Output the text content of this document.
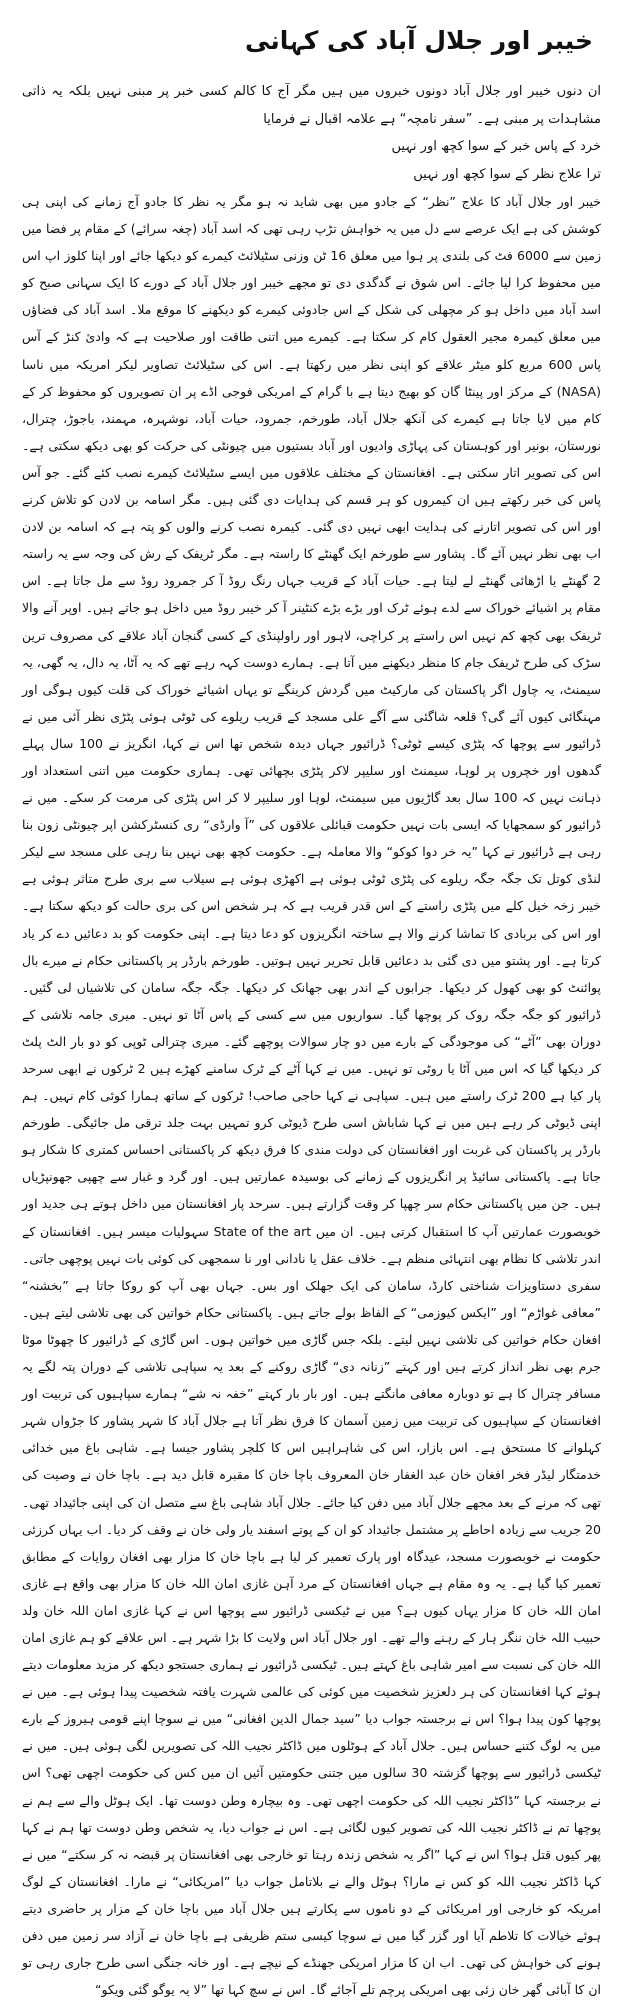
خیبر اور جلال آباد کی کہانی

ان دنوں خیبر اور جلال آباد دونوں خبروں میں ہیں مگر آج کا کالم کسی خبر پر مبنی نہیں بلکہ یہ ذاتی مشاہدات پر مبنی ہے۔ ”سفر نامچہ“ ہے علامہ اقبال نے فرمایا

خرد کے پاس خبر کے سوا کچھ اور نہیں

ترا علاج نظر کے سوا کچھ اور نہیں

خیبر اور جلال آباد کا علاج ”نظر“ کے جادو میں بھی شاید نہ ہو مگر یہ نظر کا جادو آج زمانے کی اپنی ہی کوشش کی ہے ایک عرصے سے دل میں یہ خواہش تڑپ رہی تھی کہ اسد آباد (چغہ سرائے) کے مقام پر فضا میں زمین سے 6000 فٹ کی بلندی پر ہوا میں معلق 16 ٹن وزنی سٹیلائٹ کیمرے کو دیکھا جائے اور اپنا کلوز اپ اس میں محفوظ کرا لیا جائے۔ اس شوق نے گدگدی دی تو مجھے خیبر اور جلال آباد کے دورے کا ایک سہانی صبح کو اسد آباد میں داخل ہو کر مچھلی کی شکل کے اس جادوئی کیمرے کو دیکھنے کا موقع ملا۔ اسد آباد کی فضاؤں میں معلق کیمرہ مجیر العقول کام کر سکتا ہے۔ کیمرے میں اتنی طاقت اور صلاحیت ہے کہ وادئ کنڑ کے آس پاس 600 مربع کلو میٹر علاقے کو اپنی نظر میں رکھتا ہے۔ اس کی سٹیلائٹ تصاویر لیکر امریکہ میں ناسا (NASA) کے مرکز اور پینٹا گان کو بھیج دیتا ہے با گرام کے امریکی فوجی اڈے پر ان تصویروں کو محفوظ کر کے کام میں لایا جاتا ہے کیمرے کی آنکھ جلال آباد، طورخم، جمرود، حیات آباد، نوشہرہ، مہمند، باجوڑ، چترال، نورستان، بونیر اور کوہستان کی پہاڑی وادیوں اور آباد بستیوں میں چیونٹی کی حرکت کو بھی دیکھ سکتی ہے۔ اس کی تصویر اتار سکتی ہے۔ افغانستان کے مختلف علاقوں میں ایسے سٹیلائٹ کیمرے نصب کئے گئے۔ جو آس پاس کی خبر رکھتے ہیں ان کیمروں کو ہر قسم کی ہدایات دی گئی ہیں۔ مگر اسامہ بن لادن کو تلاش کرنے اور اس کی تصویر اتارنے کی ہدایت ابھی نہیں دی گئی۔ کیمرہ نصب کرنے والوں کو پتہ ہے کہ اسامہ بن لادن اب بھی نظر نہیں آئے گا۔ پشاور سے طورخم ایک گھنٹے کا راستہ ہے۔ مگر ٹریفک کے رش کی وجہ سے یہ راستہ 2 گھنٹے یا اڑھائی گھنٹے لے لیتا ہے۔ حیات آباد کے قریب جہاں رنگ روڈ آ کر جمرود روڈ سے مل جاتا ہے۔ اس مقام پر اشیائے خوراک سے لدے ہوئے ٹرک اور بڑے بڑے کنٹینر آ کر خیبر روڈ میں داخل ہو جاتے ہیں۔ اوپر آنے والا ٹریفک بھی کچھ کم نہیں اس راستے پر کراچی، لاہور اور راولپنڈی کے کسی گنجان آباد علاقے کی مصروف ترین سڑک کی طرح ٹریفک جام کا منظر دیکھنے میں آتا ہے۔ ہمارے دوست کہہ رہے تھے کہ یہ آٹا، یہ دال، یہ گھی، یہ سیمنٹ، یہ چاول اگر پاکستان کی مارکیٹ میں گردش کرینگے تو یہاں اشیائے خوراک کی قلت کیوں ہوگی اور مہنگائی کیوں آئے گی؟ قلعہ شاگئی سے آگے علی مسجد کے قریب ریلوے کی ٹوٹی ہوئی پٹڑی نظر آئی میں نے ڈرائیور سے پوچھا کہ پٹڑی کیسے ٹوٹی؟ ڈرائیور جہاں دیدہ شخص تھا اس نے کہا، انگریز نے 100 سال پہلے گدھوں اور خچروں پر لوہا، سیمنٹ اور سلیپر لاکر پٹڑی بچھائی تھی۔ ہماری حکومت میں اتنی استعداد اور ذہانت نہیں کہ 100 سال بعد گاڑیوں میں سیمنٹ، لوہا اور سلیپر لا کر اس پٹڑی کی مرمت کر سکے۔ میں نے ڈرائیور کو سمجھایا کہ ایسی بات نہیں حکومت قبائلی علاقوں کی ”آ وارڈی“ ری کنسٹرکشن اپر چیونٹی زون بنا رہی ہے ڈرائیور نے کہا ”یہ خر دوا کوکو“ والا معاملہ ہے۔ حکومت کچھ بھی نہیں بنا رہی علی مسجد سے لیکر لنڈی کوتل تک جگہ جگہ ریلوے کی پٹڑی ٹوٹی ہوئی ہے اکھڑی ہوئی ہے سیلاب سے بری طرح متاثر ہوئی ہے خیبر زخہ خیل کلے میں پٹڑی راستے کے اس قدر قریب ہے کہ ہر شخص اس کی بری حالت کو دیکھ سکتا ہے۔ اور اس کی بربادی کا تماشا کرنے والا ہے ساختہ انگریزوں کو دعا دیتا ہے۔ اپنی حکومت کو بد دعائیں دے کر یاد کرتا ہے۔ اور پشتو میں دی گئی بد دعائیں قابل تحریر نہیں ہوتیں۔ طورخم بارڈر پر پاکستانی حکام نے میرے بال پوائنٹ کو بھی کھول کر دیکھا۔ جرابوں کے اندر بھی جھانک کر دیکھا۔ جگہ جگہ سامان کی تلاشیاں لی گئیں۔ ڈرائیور کو جگہ جگہ روک کر پوچھا گیا۔ سواریوں میں سے کسی کے پاس آٹا تو نہیں۔ میری جامہ تلاشی کے دوران بھی ”آٹے“ کی موجودگی کے بارے میں دو چار سوالات پوچھے گئے۔ میری چترالی ٹوپی کو دو بار الٹ پلٹ کر دیکھا گیا کہ اس میں آٹا یا روٹی تو نہیں۔ میں نے کہا آٹے کے ٹرک سامنے کھڑے ہیں 2 ٹرکوں نے ابھی سرحد پار کیا ہے 200 ٹرک راستے میں ہیں۔ سپاہی نے کہا حاجی صاحب! ٹرکوں کے ساتھ ہمارا کوئی کام نہیں۔ ہم اپنی ڈیوٹی کر رہے ہیں میں نے کہا شاباش اسی طرح ڈیوٹی کرو تمہیں بہت جلد ترقی مل جائیگی۔ طورخم بارڈر پر پاکستان کی غربت اور افغانستان کی دولت مندی کا فرق دیکھ کر پاکستانی احساس کمتری کا شکار ہو جاتا ہے۔ پاکستانی سائیڈ پر انگریزوں کے زمانے کی بوسیدہ عمارتیں ہیں۔ اور گرد و غبار سے چھپی جھونپڑیاں ہیں۔ جن میں پاکستانی حکام سر چھپا کر وقت گزارتے ہیں۔ سرحد پار افغانستان میں داخل ہوتے ہی جدید اور خوبصورت عمارتیں آپ کا استقبال کرتی ہیں۔ ان میں State of the art سہولیات میسر ہیں۔ افغانستان کے اندر تلاشی کا نظام بھی انتہائی منظم ہے۔ خلاف عقل یا نادانی اور نا سمجھی کی کوئی بات نہیں پوچھی جاتی۔ سفری دستاویزات شناختی کارڈ، سامان کی ایک جھلک اور بس۔ جہاں بھی آپ کو روکا جاتا ہے ”بخشنہ“ ”معافی غواڑم“ اور ”ایکس کیوزمی“ کے الفاظ بولے جاتے ہیں۔ پاکستانی حکام خواتین کی بھی تلاشی لیتے ہیں۔ افغان حکام خواتین کی تلاشی نہیں لیتے۔ بلکہ جس گاڑی میں خواتین ہوں۔ اس گاڑی کے ڈرائیور کا چھوٹا موٹا جرم بھی نظر انداز کرتے ہیں اور کہتے ”زنانہ دی“ گاڑی روکنے کے بعد یہ سپاہی تلاشی کے دوران پتہ لگے یہ مسافر چترال کا ہے تو دوبارہ معافی مانگتے ہیں۔ اور بار بار کہتے ”خفہ نہ شے“ ہمارے سپاہیوں کی تربیت اور افغانستان کے سپاہیوں کی تربیت میں زمین آسمان کا فرق نظر آتا ہے جلال آباد کا شہر پشاور کا جڑواں شہر کہلوانے کا مستحق ہے۔ اس بازار، اس کی شاہراہیں اس کا کلچر پشاور جیسا ہے۔ شاہی باغ میں خدائی خدمتگار لیڈر فخر افغان خان عبد الغفار خان المعروف باچا خان کا مقبرہ قابل دید ہے۔ باچا خان نے وصیت کی تھی کہ مرنے کے بعد مجھے جلال آباد میں دفن کیا جائے۔ جلال آباد شاہی باغ سے متصل ان کی اپنی جائیداد تھی۔ 20 جریب سے زیادہ احاطے پر مشتمل جائیداد کو ان کے پوتے اسفند یار ولی خان نے وقف کر دیا۔ اب یہاں کرزئی حکومت نے خوبصورت مسجد، عیدگاہ اور پارک تعمیر کر لیا ہے باچا خان کا مزار بھی افغان روایات کے مطابق تعمیر کیا گیا ہے۔ یہ وہ مقام ہے جہاں افغانستان کے مرد آہن غازی امان اللہ خان کا مزار بھی واقع ہے غازی امان اللہ خان کا مزار یہاں کیوں ہے؟ میں نے ٹیکسی ڈرائیور سے پوچھا اس نے کہا غازی امان اللہ خان ولد حبیب اللہ خان ننگر ہار کے رہنے والے تھے۔ اور جلال آباد اس ولایت کا بڑا شہر ہے۔ اس علاقے کو ہم غازی امان اللہ خان کی نسبت سے امیر شاہی باغ کہتے ہیں۔ ٹیکسی ڈرائیور نے ہماری جستجو دیکھ کر مزید معلومات دیتے ہوئے کہا افغانستان کی ہر دلعزیز شخصیت میں کوئی کی عالمی شہرت یافتہ شخصیت پیدا ہوئی ہے۔ میں نے پوچھا کون پیدا ہوا؟ اس نے برجستہ جواب دیا ”سید جمال الدین افغانی“ میں نے سوچا اپنے قومی ہیروز کے بارے میں یہ لوگ کتنے حساس ہیں۔ جلال آباد کے ہوٹلوں میں ڈاکٹر نجیب اللہ کی تصویریں لگی ہوئی ہیں۔ میں نے ٹیکسی ڈرائیور سے پوچھا گزشتہ 30 سالوں میں جتنی حکومتیں آئیں ان میں کس کی حکومت اچھی تھی؟ اس نے برجستہ کہا ”ڈاکٹر نجیب اللہ کی حکومت اچھی تھی۔ وہ بیچارہ وطن دوست تھا۔ ایک ہوٹل والے سے ہم نے پوچھا تم نے ڈاکٹر نجیب اللہ کی تصویر کیوں لگائی ہے۔ اس نے جواب دیا، یہ شخص وطن دوست تھا ہم نے کہا پھر کیوں قتل ہوا؟ اس نے کہا ”اگر یہ شخص زندہ رہتا تو خارجی بھی افغانستان پر قبضہ نہ کر سکتے“ میں نے کہا ڈاکٹر نجیب اللہ کو کس نے مارا؟ ہوٹل والے نے بلاتامل جواب دیا ”امریکائی“ نے مارا۔ افغانستان کے لوگ امریکہ کو خارجی اور امریکائی کے دو ناموں سے پکارتے ہیں جلال آباد میں باچا خان کے مزار پر حاضری دیتے ہوئے خیالات کا تلاطم آیا اور گزر گیا میں نے سوچا کیسی ستم ظریفی ہے باچا خان نے آزاد سر زمین میں دفن ہونے کی خواہش کی تھی۔ اب ان کا مزار امریکی جھنڈے کے نیچے ہے۔ اور خانہ جنگی اسی طرح جاری رہی تو ان کا آبائی گھر خان زئی بھی امریکی پرچم تلے آجائے گا۔ اس نے سچ کہا تھا ”لا یہ یوگو گئی ویکو“
